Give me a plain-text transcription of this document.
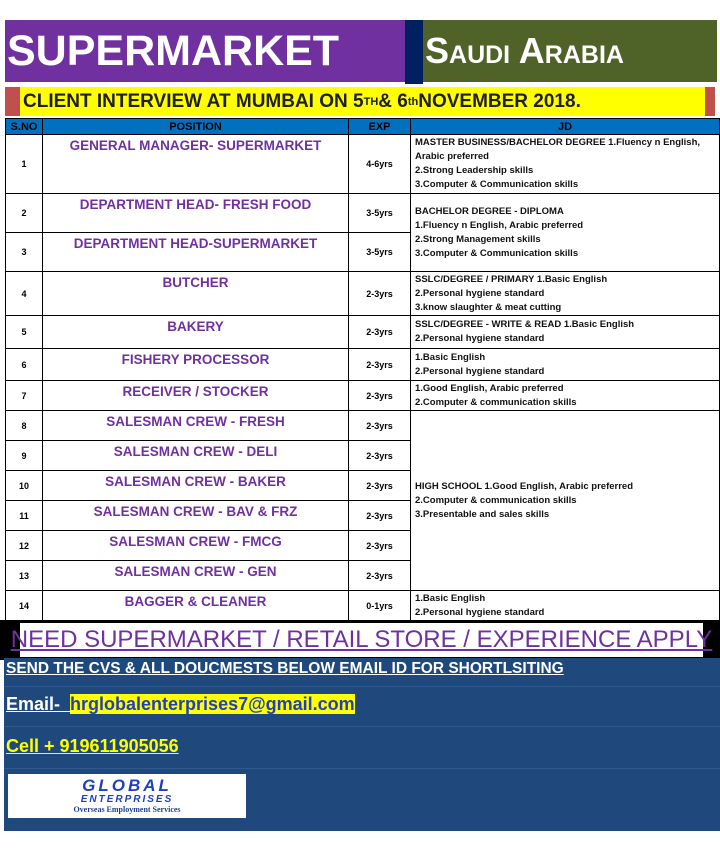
SUPERMARKET	Saudi Arabia
CLIENT INTERVIEW AT MUMBAI ON 5 TH & 6 th NOVEMBER 2018.
S.NO	POSITION	EXP	JD
1	GENERAL MANAGER- SUPERMARKET	4-6yrs	MASTER BUSINESS/BACHELOR DEGREE 1.Fluency n English, Arabic preferred
2.Strong Leadership skills
3.Computer & Communication skills
2	DEPARTMENT HEAD- FRESH FOOD	3-5yrs	BACHELOR DEGREE - DIPLOMA
1.Fluency n English, Arabic preferred
2.Strong Management skills
3.Computer & Communication skills
3	DEPARTMENT HEAD-SUPERMARKET	3-5yrs	
4	BUTCHER	2-3yrs	SSLC/DEGREE / PRIMARY 1.Basic English
2.Personal hygiene standard
3.know slaughter & meat cutting
5	BAKERY	2-3yrs	SSLC/DEGREE - WRITE & READ 1.Basic English
2.Personal hygiene standard
6	FISHERY PROCESSOR	2-3yrs	1.Basic English
2.Personal hygiene standard
7	RECEIVER / STOCKER	2-3yrs	1.Good English, Arabic preferred
2.Computer & communication skills
8	SALESMAN CREW - FRESH	2-3yrs	HIGH SCHOOL 1.Good English, Arabic preferred
2.Computer & communication skills
3.Presentable and sales skills
9	SALESMAN CREW - DELI	2-3yrs	
10	SALESMAN CREW - BAKER	2-3yrs	
11	SALESMAN CREW - BAV & FRZ	2-3yrs	
12	SALESMAN CREW - FMCG	2-3yrs	
13	SALESMAN CREW - GEN	2-3yrs	
14	BAGGER & CLEANER	0-1yrs	1.Basic English
2.Personal hygiene standard
NEED SUPERMARKET / RETAIL STORE / EXPERIENCE APPLY
SEND THE CVS & ALL DOUCMESTS BELOW EMAIL ID FOR SHORTLSITING
Email- hrglobalenterprises7@gmail.com
Cell + 919611905056
GLOBAL
ENTERPRISES
Overseas Employment Services
